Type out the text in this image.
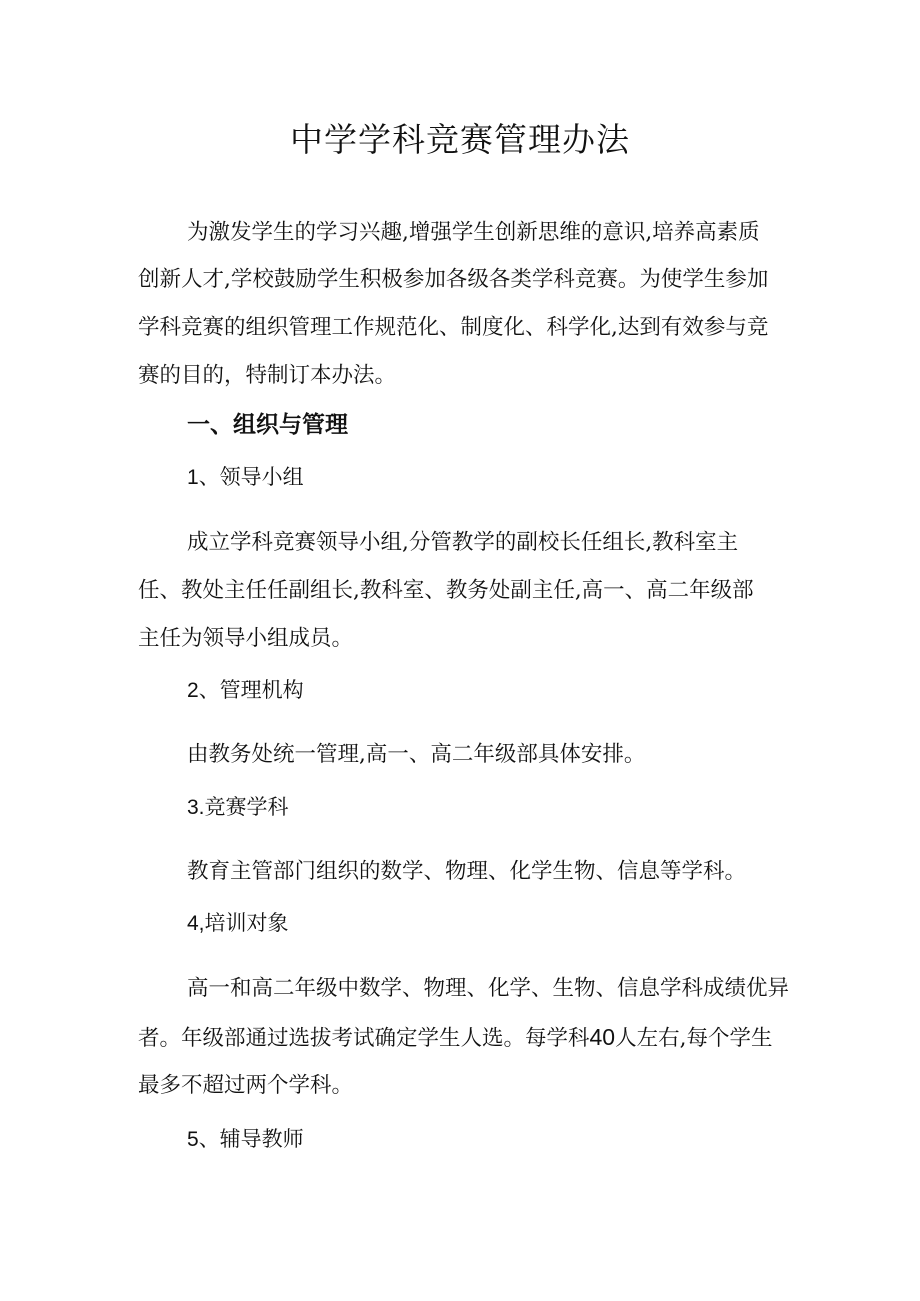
中学学科竞赛管理办法

为激发学生的学习兴趣,增强学生创新思维的意识,培养高素质

创新人才,学校鼓励学生积极参加各级各类学科竞赛。为使学生参加

学科竞赛的组织管理工作规范化、制度化、科学化,达到有效参与竞

赛的目的，特制订本办法。

一、组织与管理

1、领导小组

成立学科竞赛领导小组,分管教学的副校长任组长,教科室主

任、教处主任任副组长,教科室、教务处副主任,高一、高二年级部

主任为领导小组成员。

2、管理机构

由教务处统一管理,高一、高二年级部具体安排。

3.竞赛学科

教育主管部门组织的数学、物理、化学生物、信息等学科。

4,培训对象

高一和高二年级中数学、物理、化学、生物、信息学科成绩优异

者。年级部通过选拔考试确定学生人选。每学科40人左右,每个学生

最多不超过两个学科。

5、辅导教师
